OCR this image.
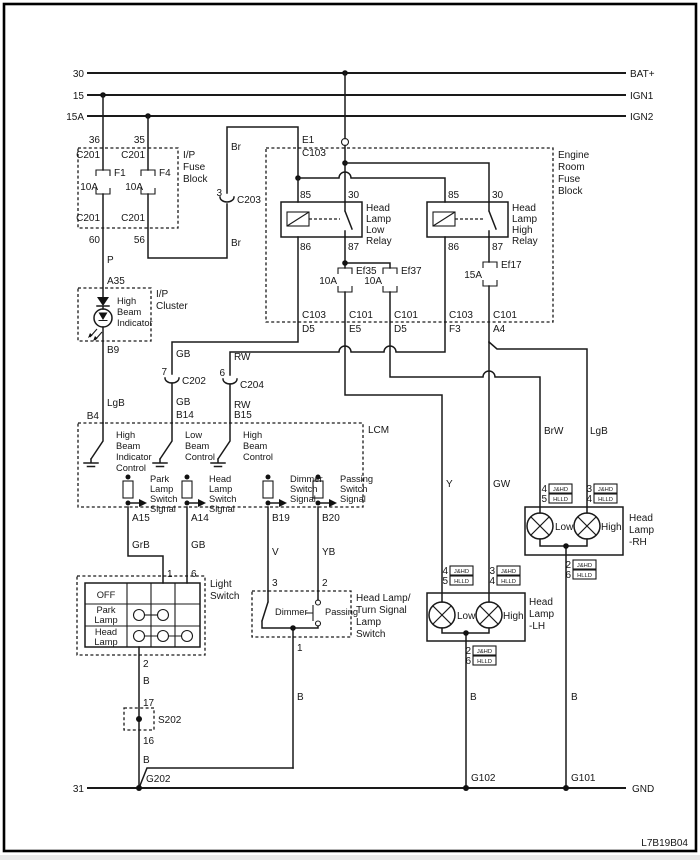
30	BAT+
15	IGN1
15A	IGN2
31	GND
I/P
Fuse
Block
36
C201
35
C201
F1
10A
F4
10A
C201 C201
60	56
Br
3
C203
Br
Engine
Room
Fuse
Block
E1
C103
85	30
86	87
Head
Lamp
Low
Relay
85	30
86	87
Head
Lamp
High
Relay
Ef35
10A
Ef37
10A
Ef17
15A
C103
D5
C101
E5
C101
D5
C103
F3
C101
A4
P
A35
I/P
Cluster
High
Beam
Indicator
B9
LgB
GB
7
C202
GB
RW
6
C204
RW
Y	GW
BrW	LgB
LCM
B4	B14	B15
High
Beam
Indicator
Control
Low
Beam
Control
High
Beam
Control
Park
Lamp
Switch
Signal
Head
Lamp
Switch
Signal
Dimmer
Switch
Signal
Passing
Switch
Signal
A15	A14	B19	B20
GrB	GB
V	YB
1 6
3	2
Light
Switch
OFF
Park
Lamp
Head
Lamp
2
Dimmer Passing
Head Lamp/
Turn Signal
Lamp
Switch
1
B
B
17
S202
16
B
G202
4 J&HD
5 HLLD
3 J&HD
4 HLLD
Low	High
Head
Lamp
-RH
2 J&HD
6 HLLD
B
G101
4 J&HD
5 HLLD
3 J&HD
4 HLLD
Low	High
Head
Lamp
-LH
2 J&HD
6 HLLD
B
G102
L7B19B04
